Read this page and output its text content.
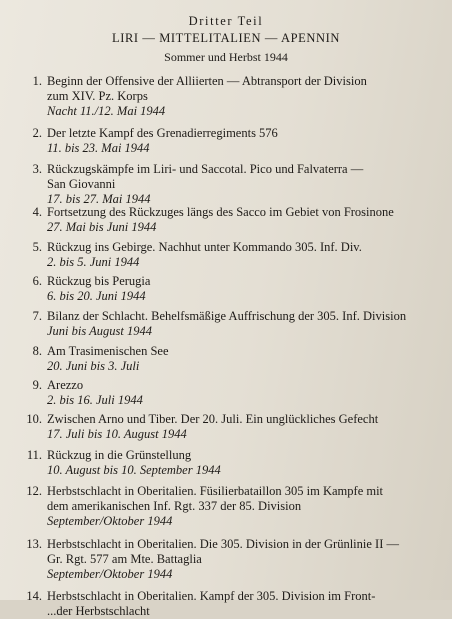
Dritter Teil
LIRI — MITTELITALIEN — APENNIN
Sommer und Herbst 1944
1. Beginn der Offensive der Alliierten — Abtransport der Division
zum XIV. Pz. Korps
Nacht 11./12. Mai 1944
2. Der letzte Kampf des Grenadierregiments 576
11. bis 23. Mai 1944
3. Rückzugskämpfe im Liri- und Saccotal. Pico und Falvaterra —
San Giovanni
17. bis 27. Mai 1944
4. Fortsetzung des Rückzuges längs des Sacco im Gebiet von Frosinone
27. Mai bis Juni 1944
5. Rückzug ins Gebirge. Nachhut unter Kommando 305. Inf. Div.
2. bis 5. Juni 1944
6. Rückzug bis Perugia
6. bis 20. Juni 1944
7. Bilanz der Schlacht. Behelfsmäßige Auffrischung der 305. Inf. Division
Juni bis August 1944
8. Am Trasimenischen See
20. Juni bis 3. Juli
9. Arezzo
2. bis 16. Juli 1944
10. Zwischen Arno und Tiber. Der 20. Juli. Ein unglückliches Gefecht
17. Juli bis 10. August 1944
11. Rückzug in die Grünstellung
10. August bis 10. September 1944
12. Herbstschlacht in Oberitalien. Füsilierbataillon 305 im Kampfe mit
dem amerikanischen Inf. Rgt. 337 der 85. Division
September/Oktober 1944
13. Herbstschlacht in Oberitalien. Die 305. Division in der Grünlinie II —
Gr. Rgt. 577 am Mte. Battaglia
September/Oktober 1944
14. Herbstschlacht in Oberitalien. Kampf der 305. Division im Front-
...der Herbstschlacht
